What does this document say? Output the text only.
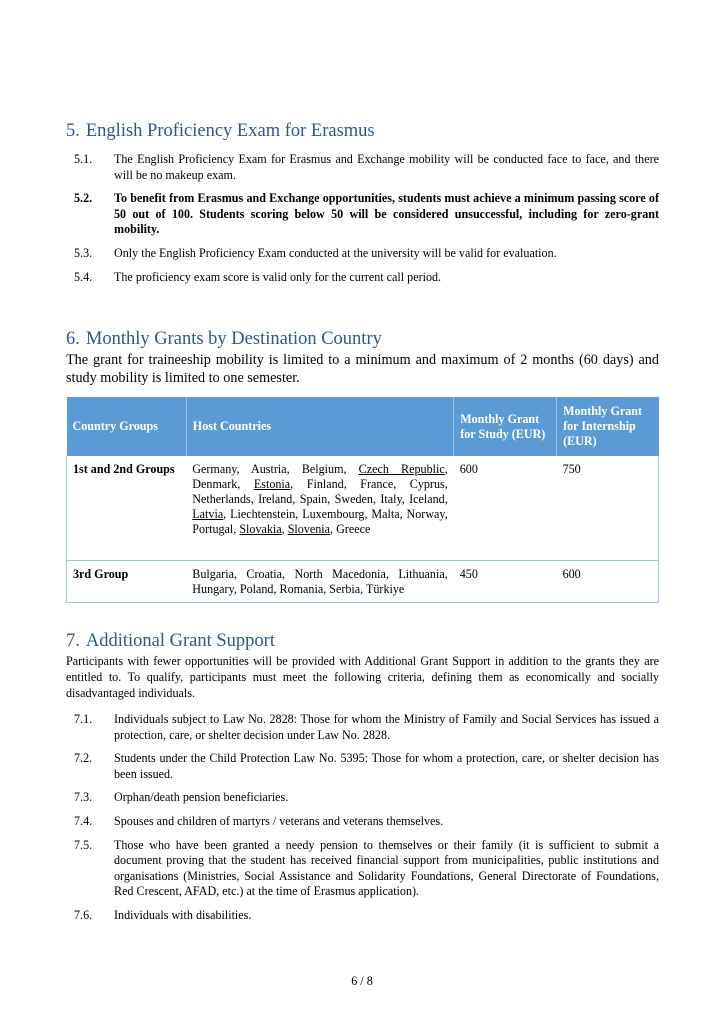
5. English Proficiency Exam for Erasmus
5.1. The English Proficiency Exam for Erasmus and Exchange mobility will be conducted face to face, and there will be no makeup exam.
5.2. To benefit from Erasmus and Exchange opportunities, students must achieve a minimum passing score of 50 out of 100. Students scoring below 50 will be considered unsuccessful, including for zero-grant mobility.
5.3. Only the English Proficiency Exam conducted at the university will be valid for evaluation.
5.4. The proficiency exam score is valid only for the current call period.
6. Monthly Grants by Destination Country

The grant for traineeship mobility is limited to a minimum and maximum of 2 months (60 days) and study mobility is limited to one semester.

Country Groups	Host Countries	Monthly Grant for Study (EUR)	Monthly Grant for Internship (EUR)
1st and 2nd Groups	Germany, Austria, Belgium, Czech Republic, Denmark, Estonia, Finland, France, Cyprus, Netherlands, Ireland, Spain, Sweden, Italy, Iceland, Latvia, Liechtenstein, Luxembourg, Malta, Norway, Portugal, Slovakia, Slovenia, Greece	600	750
3rd Group	Bulgaria, Croatia, North Macedonia, Lithuania, Hungary, Poland, Romania, Serbia, Türkiye	450	600
7. Additional Grant Support

Participants with fewer opportunities will be provided with Additional Grant Support in addition to the grants they are entitled to. To qualify, participants must meet the following criteria, defining them as economically and socially disadvantaged individuals.

7.1. Individuals subject to Law No. 2828: Those for whom the Ministry of Family and Social Services has issued a protection, care, or shelter decision under Law No. 2828.
7.2. Students under the Child Protection Law No. 5395: Those for whom a protection, care, or shelter decision has been issued.
7.3. Orphan/death pension beneficiaries.
7.4. Spouses and children of martyrs / veterans and veterans themselves.
7.5. Those who have been granted a needy pension to themselves or their family (it is sufficient to submit a document proving that the student has received financial support from municipalities, public institutions and organisations (Ministries, Social Assistance and Solidarity Foundations, General Directorate of Foundations, Red Crescent, AFAD, etc.) at the time of Erasmus application).
7.6. Individuals with disabilities.
6 / 8
